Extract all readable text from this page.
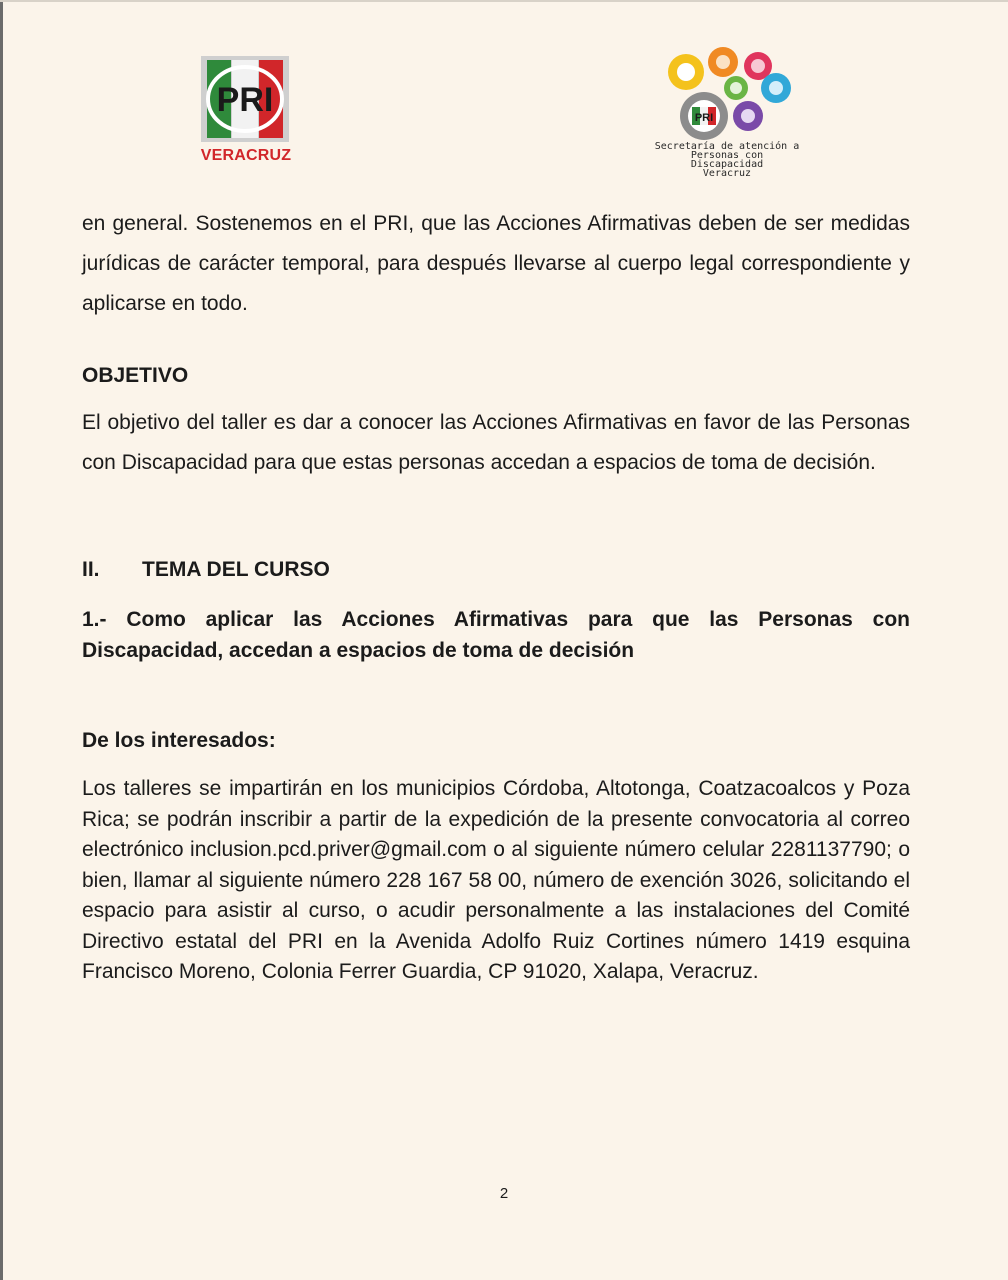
PRI
VERACRUZ
PRI
Secretaría de atención a
Personas con Discapacidad
Veracruz

en general. Sostenemos en el PRI, que las Acciones Afirmativas deben de ser medidas jurídicas de carácter temporal, para después llevarse al cuerpo legal correspondiente y aplicarse en todo.

OBJETIVO

El objetivo del taller es dar a conocer las Acciones Afirmativas en favor de las Personas con Discapacidad para que estas personas accedan a espacios de toma de decisión.

II. TEMA DEL CURSO
1.- Como aplicar las Acciones Afirmativas para que las Personas con Discapacidad, accedan a espacios de toma de decisión
De los interesados:

Los talleres se impartirán en los municipios Córdoba, Altotonga, Coatzacoalcos y Poza Rica; se podrán inscribir a partir de la expedición de la presente convocatoria al correo electrónico inclusion.pcd.priver@gmail.com o al siguiente número celular 2281137790; o bien, llamar al siguiente número 228 167 58 00, número de exención 3026, solicitando el espacio para asistir al curso, o acudir personalmente a las instalaciones del Comité Directivo estatal del PRI en la Avenida Adolfo Ruiz Cortines número 1419 esquina Francisco Moreno, Colonia Ferrer Guardia, CP 91020, Xalapa, Veracruz.

2
